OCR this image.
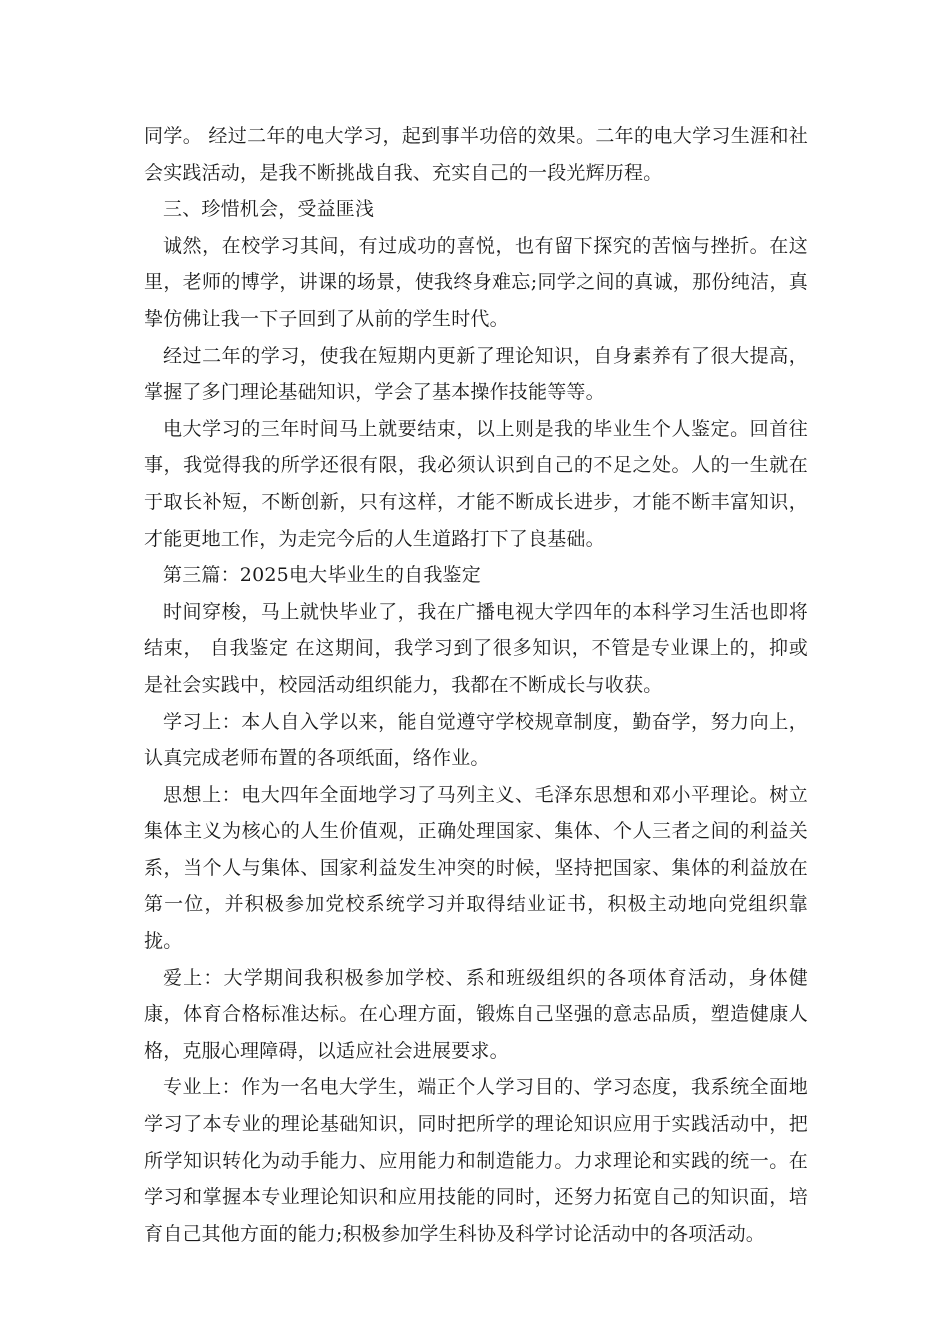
同学。 经过二年的电大学习，起到事半功倍的效果。二年的电大学习生涯和社会实践活动，是我不断挑战自我、充实自己的一段光辉历程。

三、珍惜机会，受益匪浅

诚然，在校学习其间，有过成功的喜悦，也有留下探究的苦恼与挫折。在这里，老师的博学，讲课的场景，使我终身难忘;同学之间的真诚，那份纯洁，真挚仿佛让我一下子回到了从前的学生时代。

经过二年的学习，使我在短期内更新了理论知识，自身素养有了很大提高，掌握了多门理论基础知识，学会了基本操作技能等等。

电大学习的三年时间马上就要结束，以上则是我的毕业生个人鉴定。回首往事，我觉得我的所学还很有限，我必须认识到自己的不足之处。人的一生就在于取长补短，不断创新，只有这样，才能不断成长进步，才能不断丰富知识，才能更地工作，为走完今后的人生道路打下了良基础。

第三篇：2025电大毕业生的自我鉴定

时间穿梭，马上就快毕业了，我在广播电视大学四年的本科学习生活也即将结束， 自我鉴定 在这期间，我学习到了很多知识，不管是专业课上的，抑或是社会实践中，校园活动组织能力，我都在不断成长与收获。

学习上：本人自入学以来，能自觉遵守学校规章制度，勤奋学，努力向上，认真完成老师布置的各项纸面，络作业。

思想上：电大四年全面地学习了马列主义、毛泽东思想和邓小平理论。树立集体主义为核心的人生价值观，正确处理国家、集体、个人三者之间的利益关系，当个人与集体、国家利益发生冲突的时候，坚持把国家、集体的利益放在第一位，并积极参加党校系统学习并取得结业证书，积极主动地向党组织靠拢。

爱上：大学期间我积极参加学校、系和班级组织的各项体育活动，身体健康，体育合格标准达标。在心理方面，锻炼自己坚强的意志品质，塑造健康人格，克服心理障碍，以适应社会进展要求。

专业上：作为一名电大学生，端正个人学习目的、学习态度，我系统全面地学习了本专业的理论基础知识，同时把所学的理论知识应用于实践活动中，把所学知识转化为动手能力、应用能力和制造能力。力求理论和实践的统一。在学习和掌握本专业理论知识和应用技能的同时，还努力拓宽自己的知识面，培育自己其他方面的能力;积极参加学生科协及科学讨论活动中的各项活动。
